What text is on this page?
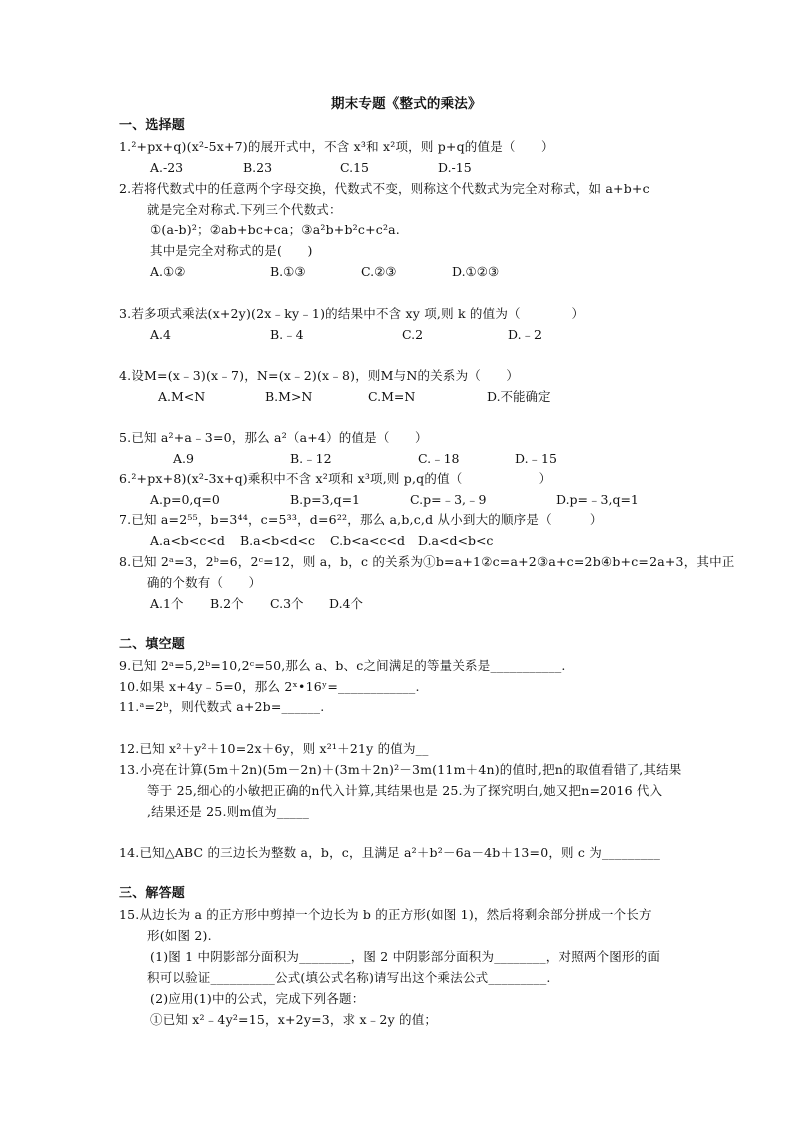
期末专题《整式的乘法》
一、选择题
1.²+px+q)(x²-5x+7)的展开式中，不含 x³和 x²项，则 p+q的值是（　　）
A.-23	B.23	C.15	D.-15
2.若将代数式中的任意两个字母交换，代数式不变，则称这个代数式为完全对称式，如 a+b+c
就是完全对称式.下列三个代数式：
①(a-b)²；②ab+bc+ca；③a²b+b²c+c²a.
其中是完全对称式的是(　　)
A.①②	B.①③	C.②③	D.①②③
3.若多项式乘法(x+2y)(2x﹣ky﹣1)的结果中不含 xy 项,则 k 的值为（　　　　）
A.4	B.﹣4	C.2	D.﹣2
4.设M=(x﹣3)(x﹣7)，N=(x﹣2)(x﹣8)，则M与N的关系为（　　）
A.M<N	B.M>N	C.M=N	D.不能确定
5.已知 a²+a﹣3=0，那么 a²（a+4）的值是（　　）
A.9	B.﹣12	C.﹣18	D.﹣15
6.²+px+8)(x²-3x+q)乘积中不含 x²项和 x³项,则 p,q的值（　　　　　　）
A.p=0,q=0	B.p=3,q=1	C.p=﹣3,﹣9	D.p=﹣3,q=1
7.已知 a=2⁵⁵，b=3⁴⁴，c=5³³，d=6²²，那么 a,b,c,d 从小到大的顺序是（　　　）
A.a<b<c<d B.a<b<d<c C.b<a<c<d D.a<d<b<c
8.已知 2ᵃ=3，2ᵇ=6，2ᶜ=12，则 a，b，c 的关系为①b=a+1②c=a+2③a+c=2b④b+c=2a+3，其中正
确的个数有（　　）
A.1个 B.2个 C.3个 D.4个
二、填空题
9.已知 2ᵃ=5,2ᵇ=10,2ᶜ=50,那么 a、b、c之间满足的等量关系是___________.
10.如果 x+4y﹣5=0，那么 2ˣ•16ʸ=____________.
11.ᵃ=2ᵇ，则代数式 a+2b=______.
12.已知 x²＋y²＋10=2x＋6y，则 x²¹＋21y 的值为__
13.小亮在计算(5m＋2n)(5m－2n)＋(3m＋2n)²－3m(11m＋4n)的值时,把n的取值看错了,其结果
等于 25,细心的小敏把正确的n代入计算,其结果也是 25.为了探究明白,她又把n=2016 代入
,结果还是 25.则m值为_____
14.已知△ABC 的三边长为整数 a，b，c，且满足 a²＋b²－6a－4b＋13=0，则 c 为_________
三、解答题
15.从边长为 a 的正方形中剪掉一个边长为 b 的正方形(如图 1)，然后将剩余部分拼成一个长方
形(如图 2).
(1)图 1 中阴影部分面积为________，图 2 中阴影部分面积为________，对照两个图形的面
积可以验证__________公式(填公式名称)请写出这个乘法公式_________.
(2)应用(1)中的公式，完成下列各题：
①已知 x²﹣4y²=15，x+2y=3，求 x﹣2y 的值；
